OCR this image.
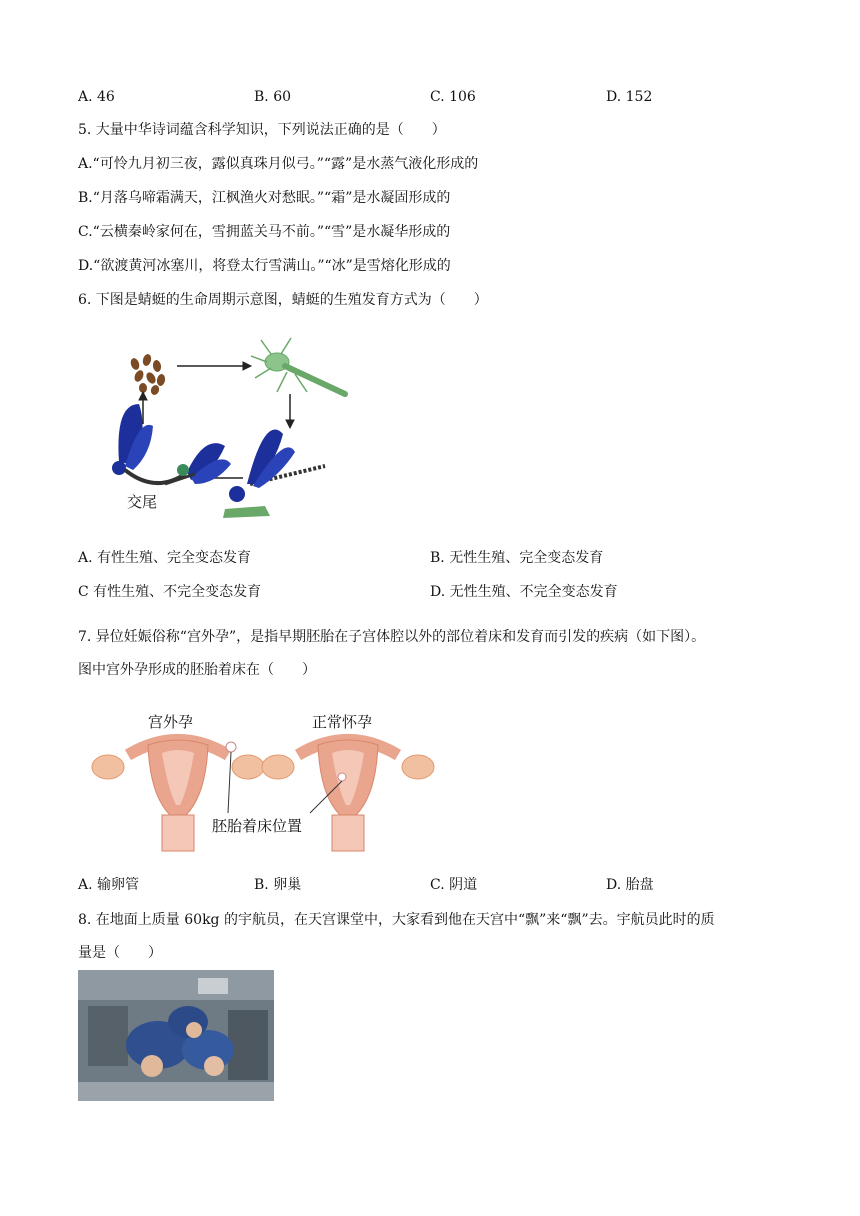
A. 46	B. 60	C. 106	D. 152
5. 大量中华诗词蕴含科学知识，下列说法正确的是（　　）
A.“可怜九月初三夜，露似真珠月似弓。”“露”是水蒸气液化形成的
B.“月落乌啼霜满天，江枫渔火对愁眠。”“霜”是水凝固形成的
C.“云横秦岭家何在，雪拥蓝关马不前。”“雪”是水凝华形成的
D.“欲渡黄河冰塞川，将登太行雪满山。”“冰”是雪熔化形成的
6. 下图是蜻蜓的生命周期示意图，蜻蜓的生殖发育方式为（　　）
交尾
A. 有性生殖、完全变态发育	B. 无性生殖、完全变态发育
C 有性生殖、不完全变态发育	D. 无性生殖、不完全变态发育
7. 异位妊娠俗称“宫外孕”，是指早期胚胎在子宫体腔以外的部位着床和发育而引发的疾病（如下图）。
图中宫外孕形成的胚胎着床在（　　）
宫外孕	正常怀孕
胚胎着床位置
A. 输卵管	B. 卵巢	C. 阴道	D. 胎盘
8. 在地面上质量 60kg 的宇航员，在天宫课堂中，大家看到他在天宫中“飘”来“飘”去。宇航员此时的质
量是（　　）
